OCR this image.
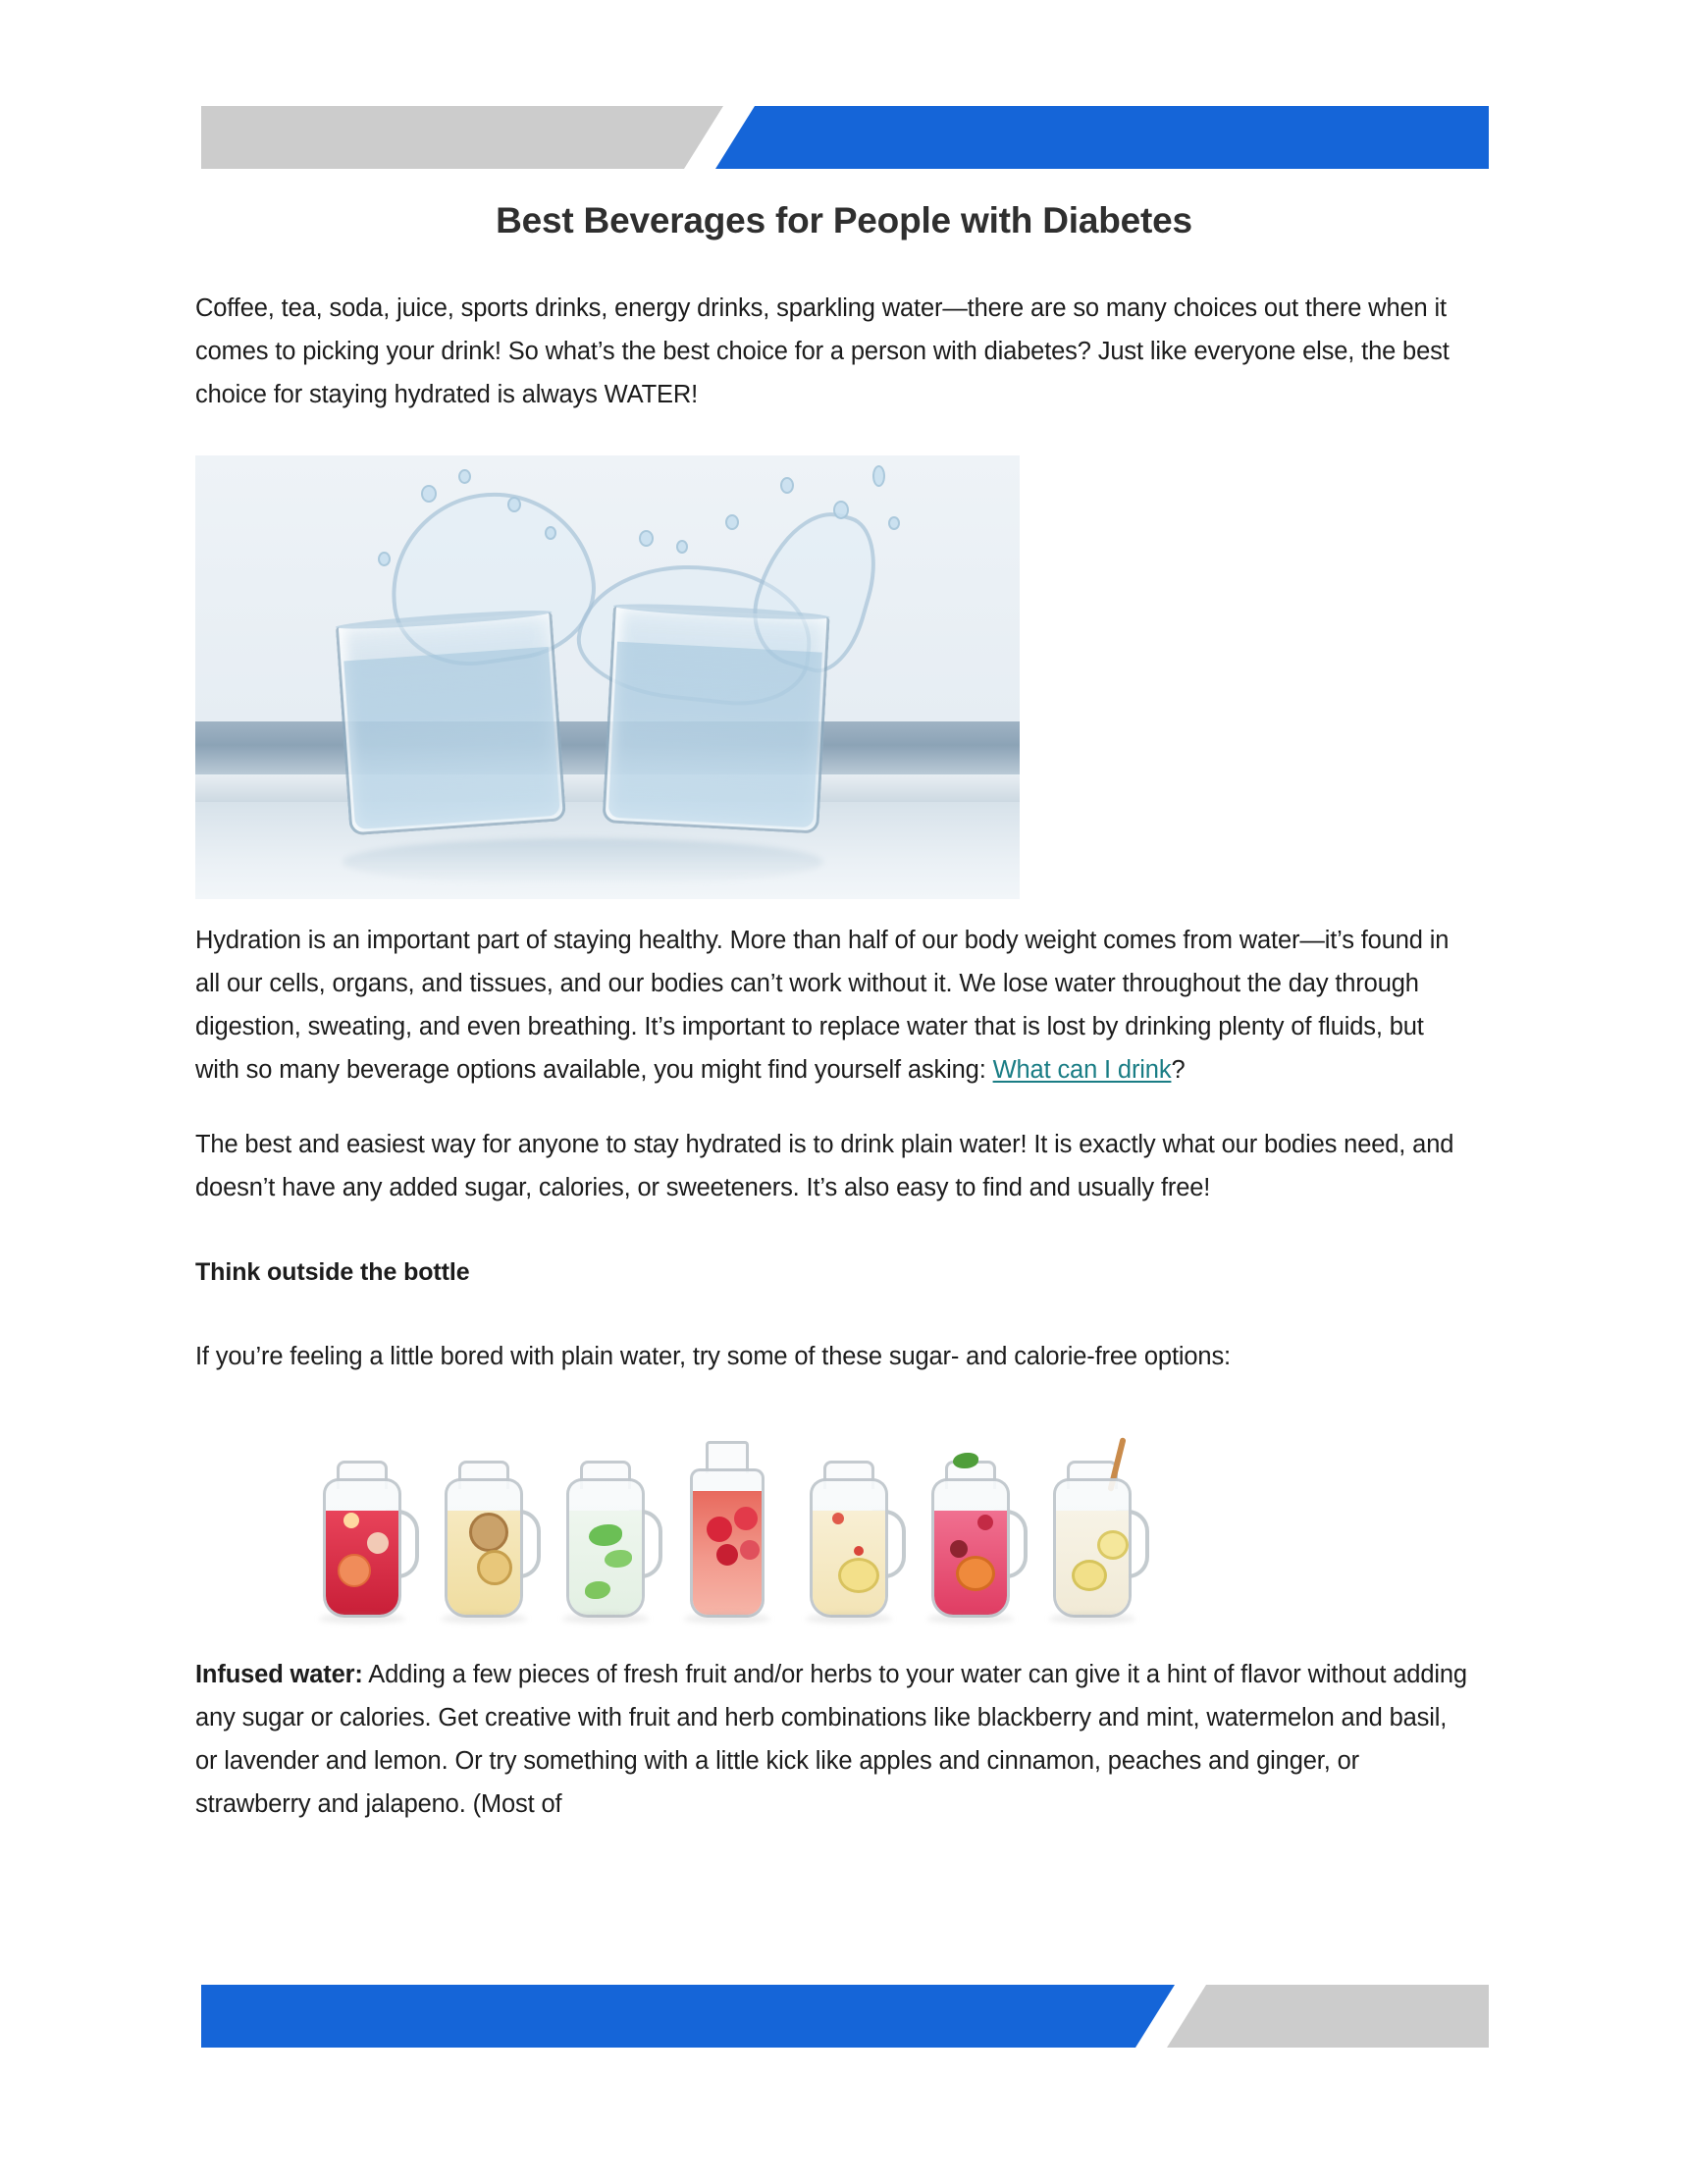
Best Beverages for People with Diabetes

Coffee, tea, soda, juice, sports drinks, energy drinks, sparkling water—there are so many choices out there when it comes to picking your drink! So what’s the best choice for a person with diabetes? Just like everyone else, the best choice for staying hydrated is always WATER!

Hydration is an important part of staying healthy. More than half of our body weight comes from water—it’s found in all our cells, organs, and tissues, and our bodies can’t work without it. We lose water throughout the day through digestion, sweating, and even breathing. It’s important to replace water that is lost by drinking plenty of fluids, but with so many beverage options available, you might find yourself asking: What can I drink?

The best and easiest way for anyone to stay hydrated is to drink plain water! It is exactly what our bodies need, and doesn’t have any added sugar, calories, or sweeteners. It’s also easy to find and usually free!

Think outside the bottle

If you’re feeling a little bored with plain water, try some of these sugar- and calorie-free options:

Infused water: Adding a few pieces of fresh fruit and/or herbs to your water can give it a hint of flavor without adding any sugar or calories. Get creative with fruit and herb combinations like blackberry and mint, watermelon and basil, or lavender and lemon. Or try something with a little kick like apples and cinnamon, peaches and ginger, or strawberry and jalapeno. (Most of
